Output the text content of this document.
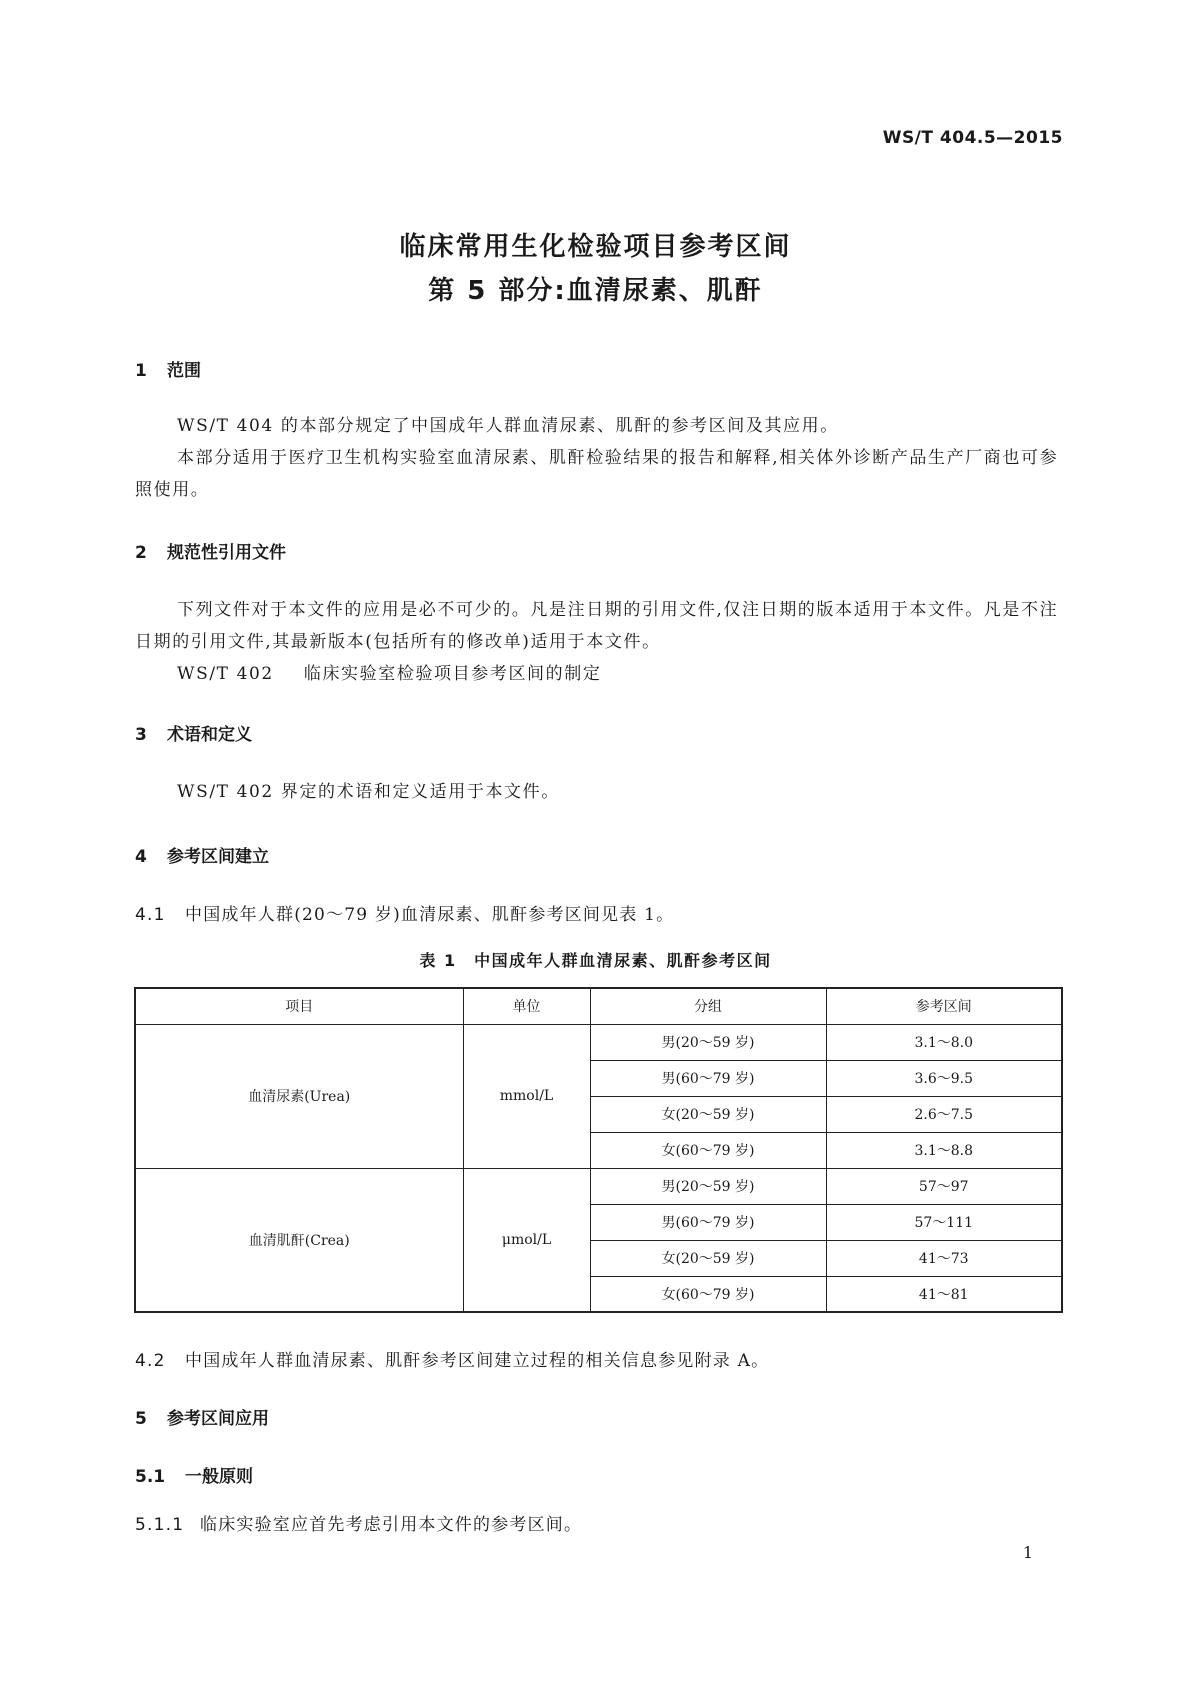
WS/T 404.5—2015
临床常用生化检验项目参考区间
第 5 部分:血清尿素、肌酐
1 范围
WS/T 404 的本部分规定了中国成年人群血清尿素、肌酐的参考区间及其应用。
本部分适用于医疗卫生机构实验室血清尿素、肌酐检验结果的报告和解释,相关体外诊断产品生产厂商也可参照使用。
2 规范性引用文件
下列文件对于本文件的应用是必不可少的。凡是注日期的引用文件,仅注日期的版本适用于本文件。凡是不注日期的引用文件,其最新版本(包括所有的修改单)适用于本文件。
WS/T 402 临床实验室检验项目参考区间的制定
3 术语和定义
WS/T 402 界定的术语和定义适用于本文件。
4 参考区间建立
4.1 中国成年人群(20～79 岁)血清尿素、肌酐参考区间见表 1。
表 1　中国成年人群血清尿素、肌酐参考区间
项目	单位	分组	参考区间
血清尿素(Urea)	mmol/L	男(20～59 岁)	3.1～8.0
		男(60～79 岁)	3.6～9.5
		女(20～59 岁)	2.6～7.5
		女(60～79 岁)	3.1～8.8
血清肌酐(Crea)	μmol/L	男(20～59 岁)	57～97
		男(60～79 岁)	57～111
		女(20～59 岁)	41～73
		女(60～79 岁)	41～81
4.2 中国成年人群血清尿素、肌酐参考区间建立过程的相关信息参见附录 A。
5 参考区间应用
5.1 一般原则
5.1.1 临床实验室应首先考虑引用本文件的参考区间。
1
